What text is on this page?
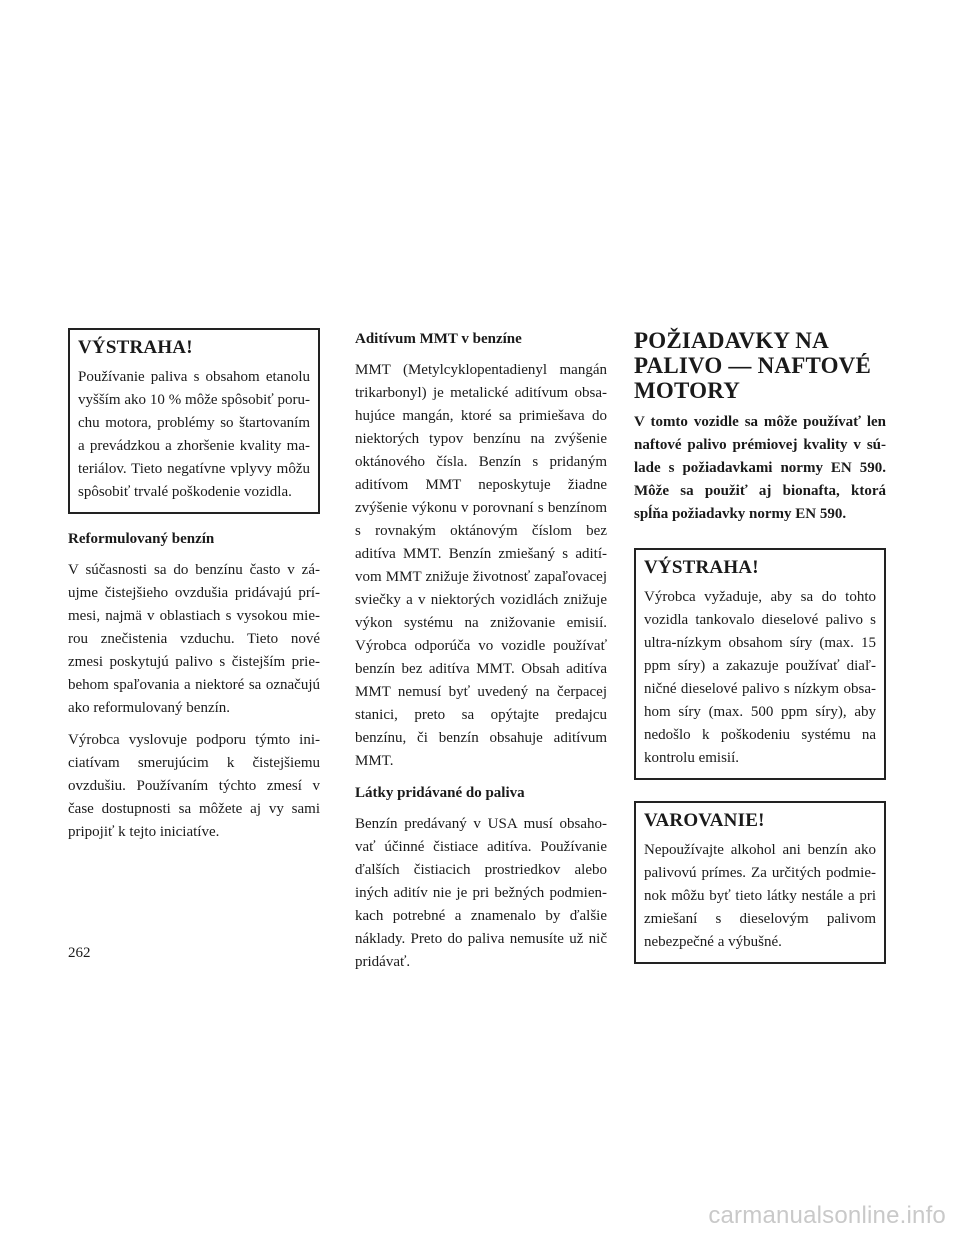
VÝSTRAHA!

Používanie paliva s obsahom etanolu vyšším ako 10 % môže spôsobiť poruchu motora, problémy so štartovaním a prevádzkou a zhoršenie kvality materiálov. Tieto negatívne vplyvy môžu spôsobiť trvalé poškodenie vozidla.

Reformulovaný benzín

V súčasnosti sa do benzínu často v záujme čistejšieho ovzdušia pridávajú prímesi, najmä v oblastiach s vysokou mierou znečistenia vzduchu. Tieto nové zmesi poskytujú palivo s čistejším priebehom spaľovania a niektoré sa označujú ako reformulovaný benzín.

Výrobca vyslovuje podporu týmto iniciatívam smerujúcim k čistejšiemu ovzdušiu. Používaním týchto zmesí v čase dostupnosti sa môžete aj vy sami pripojiť k tejto iniciatíve.

Aditívum MMT v benzíne

MMT (Metylcyklopentadienyl mangán trikarbonyl) je metalické aditívum obsahujúce mangán, ktoré sa primiešava do niektorých typov benzínu na zvýšenie oktánového čísla. Benzín s pridaným aditívom MMT neposkytuje žiadne zvýšenie výkonu v porovnaní s benzínom s rovnakým oktánovým číslom bez aditíva MMT. Benzín zmiešaný s aditívom MMT znižuje životnosť zapaľovacej sviečky a v niektorých vozidlách znižuje výkon systému na znižovanie emisií. Výrobca odporúča vo vozidle používať benzín bez aditíva MMT. Obsah aditíva MMT nemusí byť uvedený na čerpacej stanici, preto sa opýtajte predajcu benzínu, či benzín obsahuje aditívum MMT.

Látky pridávané do paliva

Benzín predávaný v USA musí obsahovať účinné čistiace aditíva. Používanie ďalších čistiacich prostriedkov alebo iných aditív nie je pri bežných podmienkach potrebné a znamenalo by ďalšie náklady. Preto do paliva nemusíte už nič pridávať.

POŽIADAVKY NA PALIVO — NAFTOVÉ MOTORY

V tomto vozidle sa môže používať len naftové palivo prémiovej kvality v súlade s požiadavkami normy EN 590. Môže sa použiť aj bionafta, ktorá spĺňa požiadavky normy EN 590.

VÝSTRAHA!

Výrobca vyžaduje, aby sa do tohto vozidla tankovalo dieselové palivo s ultra-nízkym obsahom síry (max. 15 ppm síry) a zakazuje používať diaľničné dieselové palivo s nízkym obsahom síry (max. 500 ppm síry), aby nedošlo k poškodeniu systému na kontrolu emisií.

VAROVANIE!

Nepoužívajte alkohol ani benzín ako palivovú prímes. Za určitých podmienok môžu byť tieto látky nestále a pri zmiešaní s dieselovým palivom nebezpečné a výbušné.

262
carmanualsonline.info
